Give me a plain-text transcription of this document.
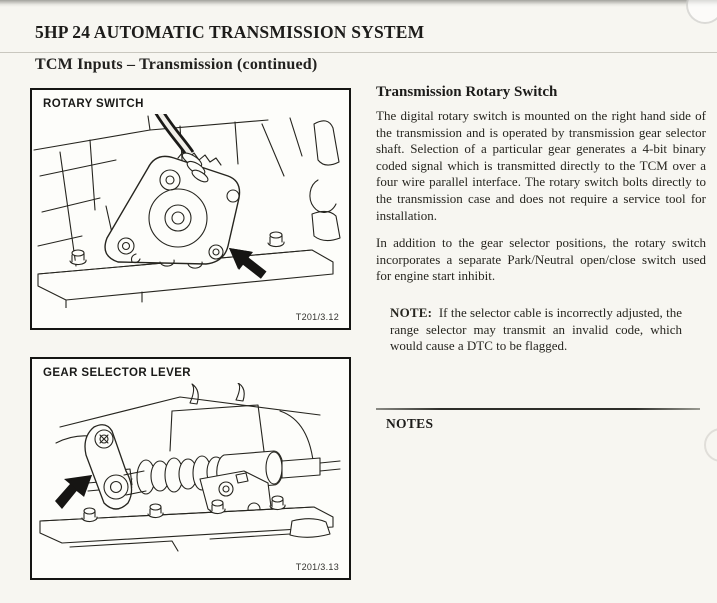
5HP 24 AUTOMATIC TRANSMISSION SYSTEM
TCM Inputs – Transmission (continued)
ROTARY SWITCH
T201/3.12
GEAR SELECTOR LEVER
T201/3.13
Transmission Rotary Switch

The digital rotary switch is mounted on the right hand side of the transmission and is operated by transmission gear selector shaft. Selection of a particular gear generates a 4-bit binary coded signal which is transmitted directly to the TCM over a four wire parallel interface. The rotary switch bolts directly to the transmission case and does not require a service tool for installation.

In addition to the gear selector positions, the rotary switch incorporates a separate Park/Neutral open/close switch used for engine start inhibit.

NOTE: If the selector cable is incorrectly adjusted, the range selector may transmit an invalid code, which would cause a DTC to be flagged.

NOTES
